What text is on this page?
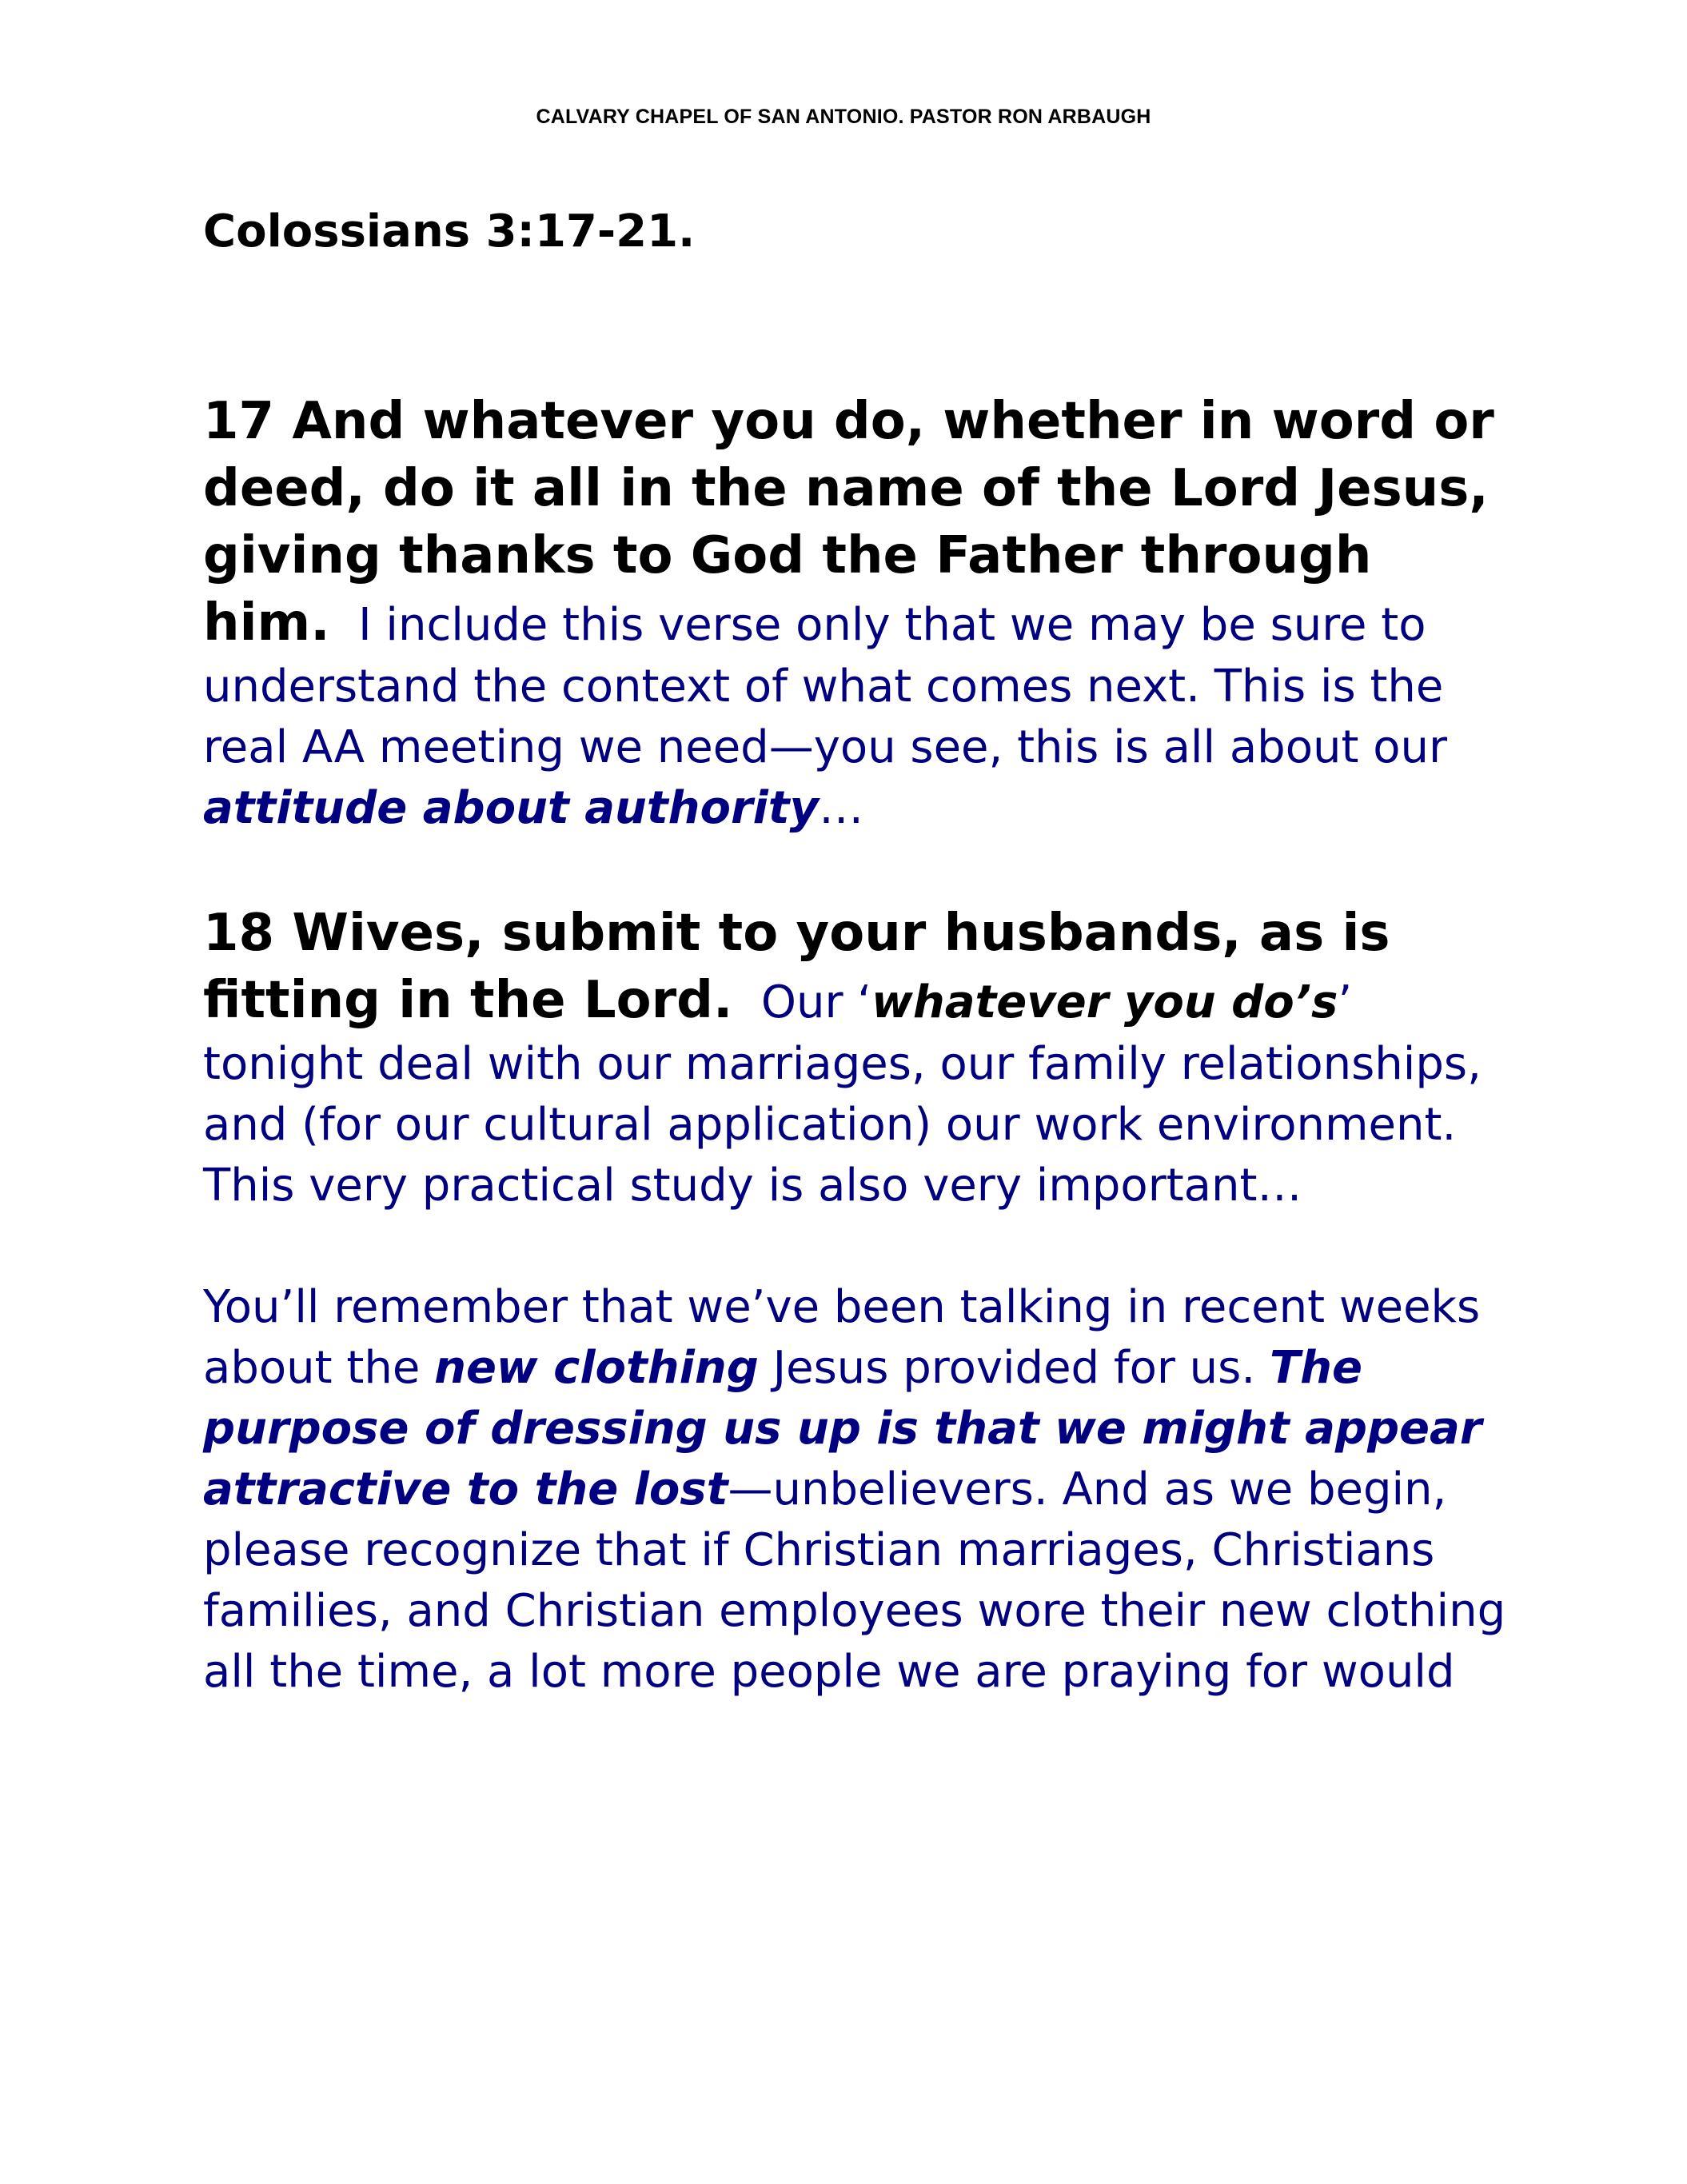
CALVARY CHAPEL OF SAN ANTONIO. PASTOR RON ARBAUGH

Colossians 3:17-21.

17 And whatever you do, whether in word or deed, do it all in the name of the Lord Jesus, giving thanks to God the Father through him. I include this verse only that we may be sure to understand the context of what comes next. This is the real AA meeting we need—you see, this is all about our attitude about authority…

18 Wives, submit to your husbands, as is fitting in the Lord. Our ‘whatever you do’s’ tonight deal with our marriages, our family relationships, and (for our cultural application) our work environment. This very practical study is also very important…

You’ll remember that we’ve been talking in recent weeks about the new clothing Jesus provided for us. The purpose of dressing us up is that we might appear attractive to the lost—unbelievers. And as we begin, please recognize that if Christian marriages, Christians families, and Christian employees wore their new clothing all the time, a lot more people we are praying for would
